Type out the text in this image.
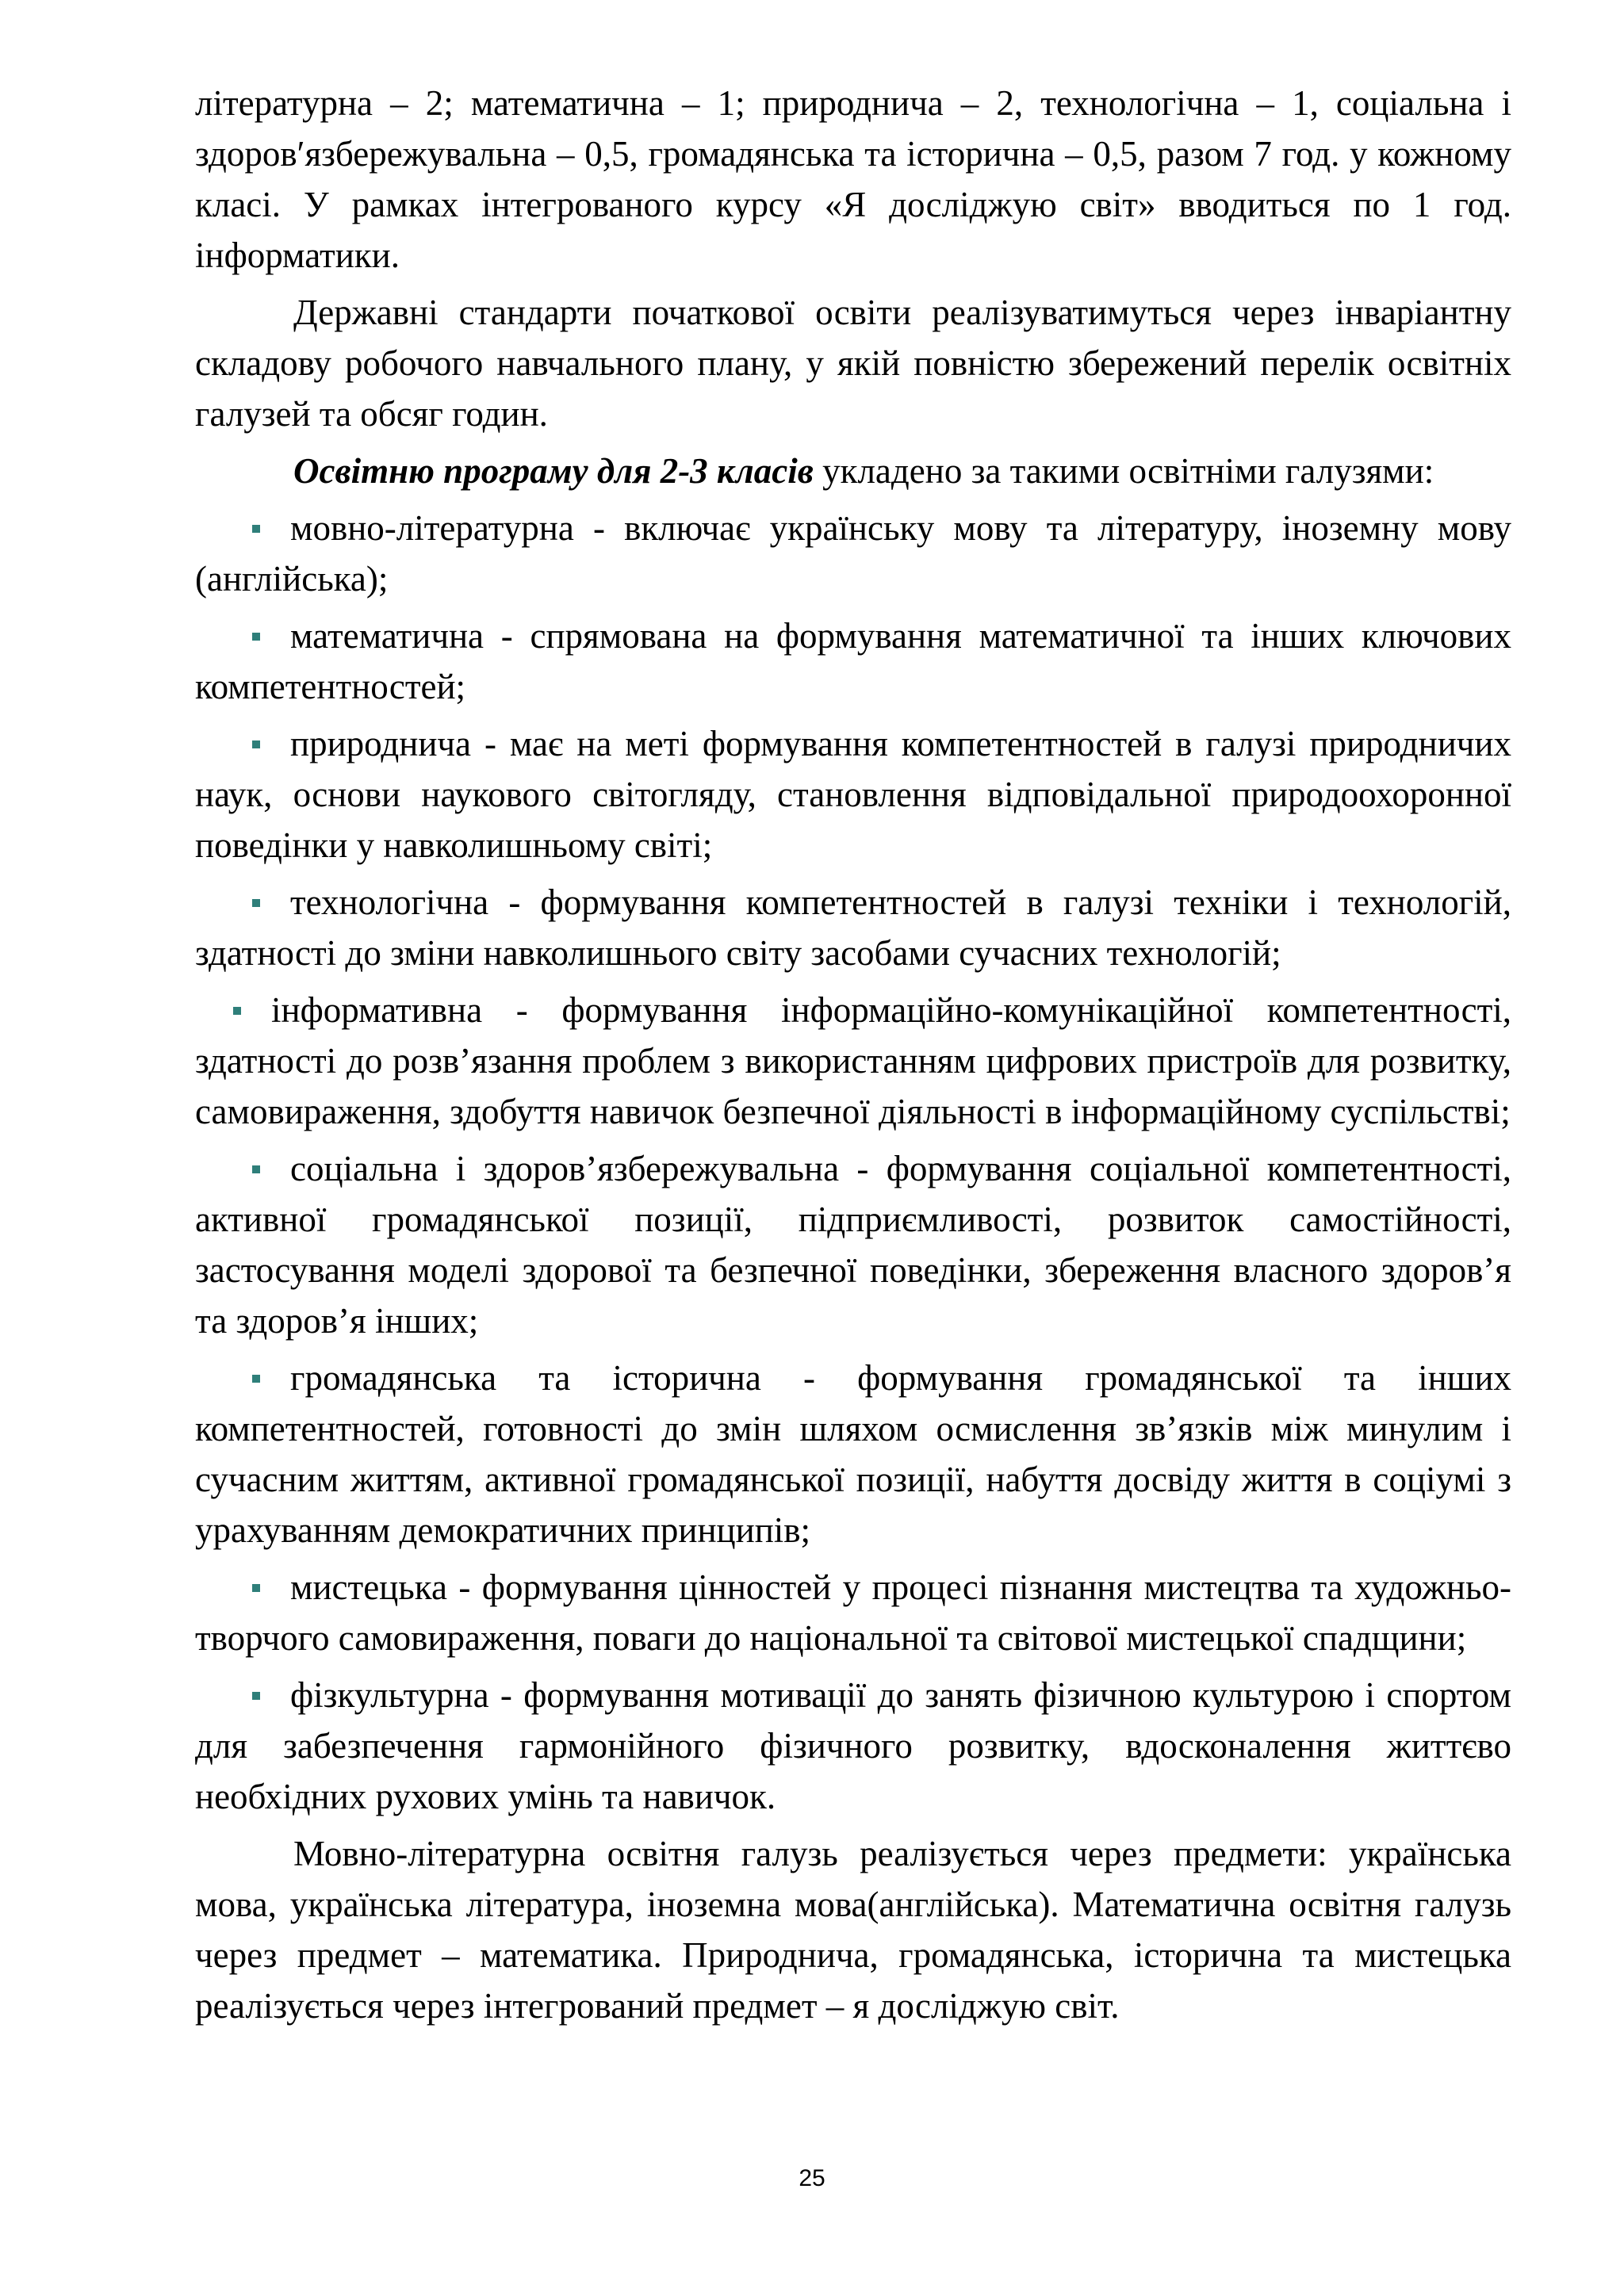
літературна – 2; математична – 1; природнича – 2, технологічна – 1, соціальна і здоров′язбережувальна – 0,5, громадянська та історична – 0,5, разом 7 год. у кожному класі. У рамках інтегрованого курсу «Я досліджую світ» вводиться по 1 год. інформатики.

Державні стандарти початкової освіти реалізуватимуться через інваріантну складову робочого навчального плану, у якій повністю збережений перелік освітніх галузей та обсяг годин.

Освітню програму для 2-3 класів укладено за такими освітніми галузями:

мовно-літературна - включає українську мову та літературу, іноземну мову (англійська);

математична - спрямована на формування математичної та інших ключових компетентностей;

природнича - має на меті формування компетентностей в галузі природничих наук, основи наукового світогляду, становлення відповідальної природоохоронної поведінки у навколишньому світі;

технологічна - формування компетентностей в галузі техніки і технологій, здатності до зміни навколишнього світу засобами сучасних технологій;

інформативна - формування інформаційно-комунікаційної компетентності, здатності до розв’язання проблем з використанням цифрових пристроїв для розвитку, самовираження, здобуття навичок безпечної діяльності в інформаційному суспільстві;

соціальна і здоров’язбережувальна - формування соціальної компетентності, активної громадянської позиції, підприємливості, розвиток самостійності, застосування моделі здорової та безпечної поведінки, збереження власного здоров’я та здоров’я інших;

громадянська та історична - формування громадянської та інших компетентностей, готовності до змін шляхом осмислення зв’язків між минулим і сучасним життям, активної громадянської позиції, набуття досвіду життя в соціумі з урахуванням демократичних принципів;

мистецька - формування цінностей у процесі пізнання мистецтва та художньо-творчого самовираження, поваги до національної та світової мистецької спадщини;

фізкультурна - формування мотивації до занять фізичною культурою і спортом для забезпечення гармонійного фізичного розвитку, вдосконалення життєво необхідних рухових умінь та навичок.

Мовно-літературна освітня галузь реалізується через предмети: українська мова, українська література, іноземна мова(англійська). Математична освітня галузь через предмет – математика. Природнича, громадянська, історична та мистецька реалізується через інтегрований предмет – я досліджую світ.

25
